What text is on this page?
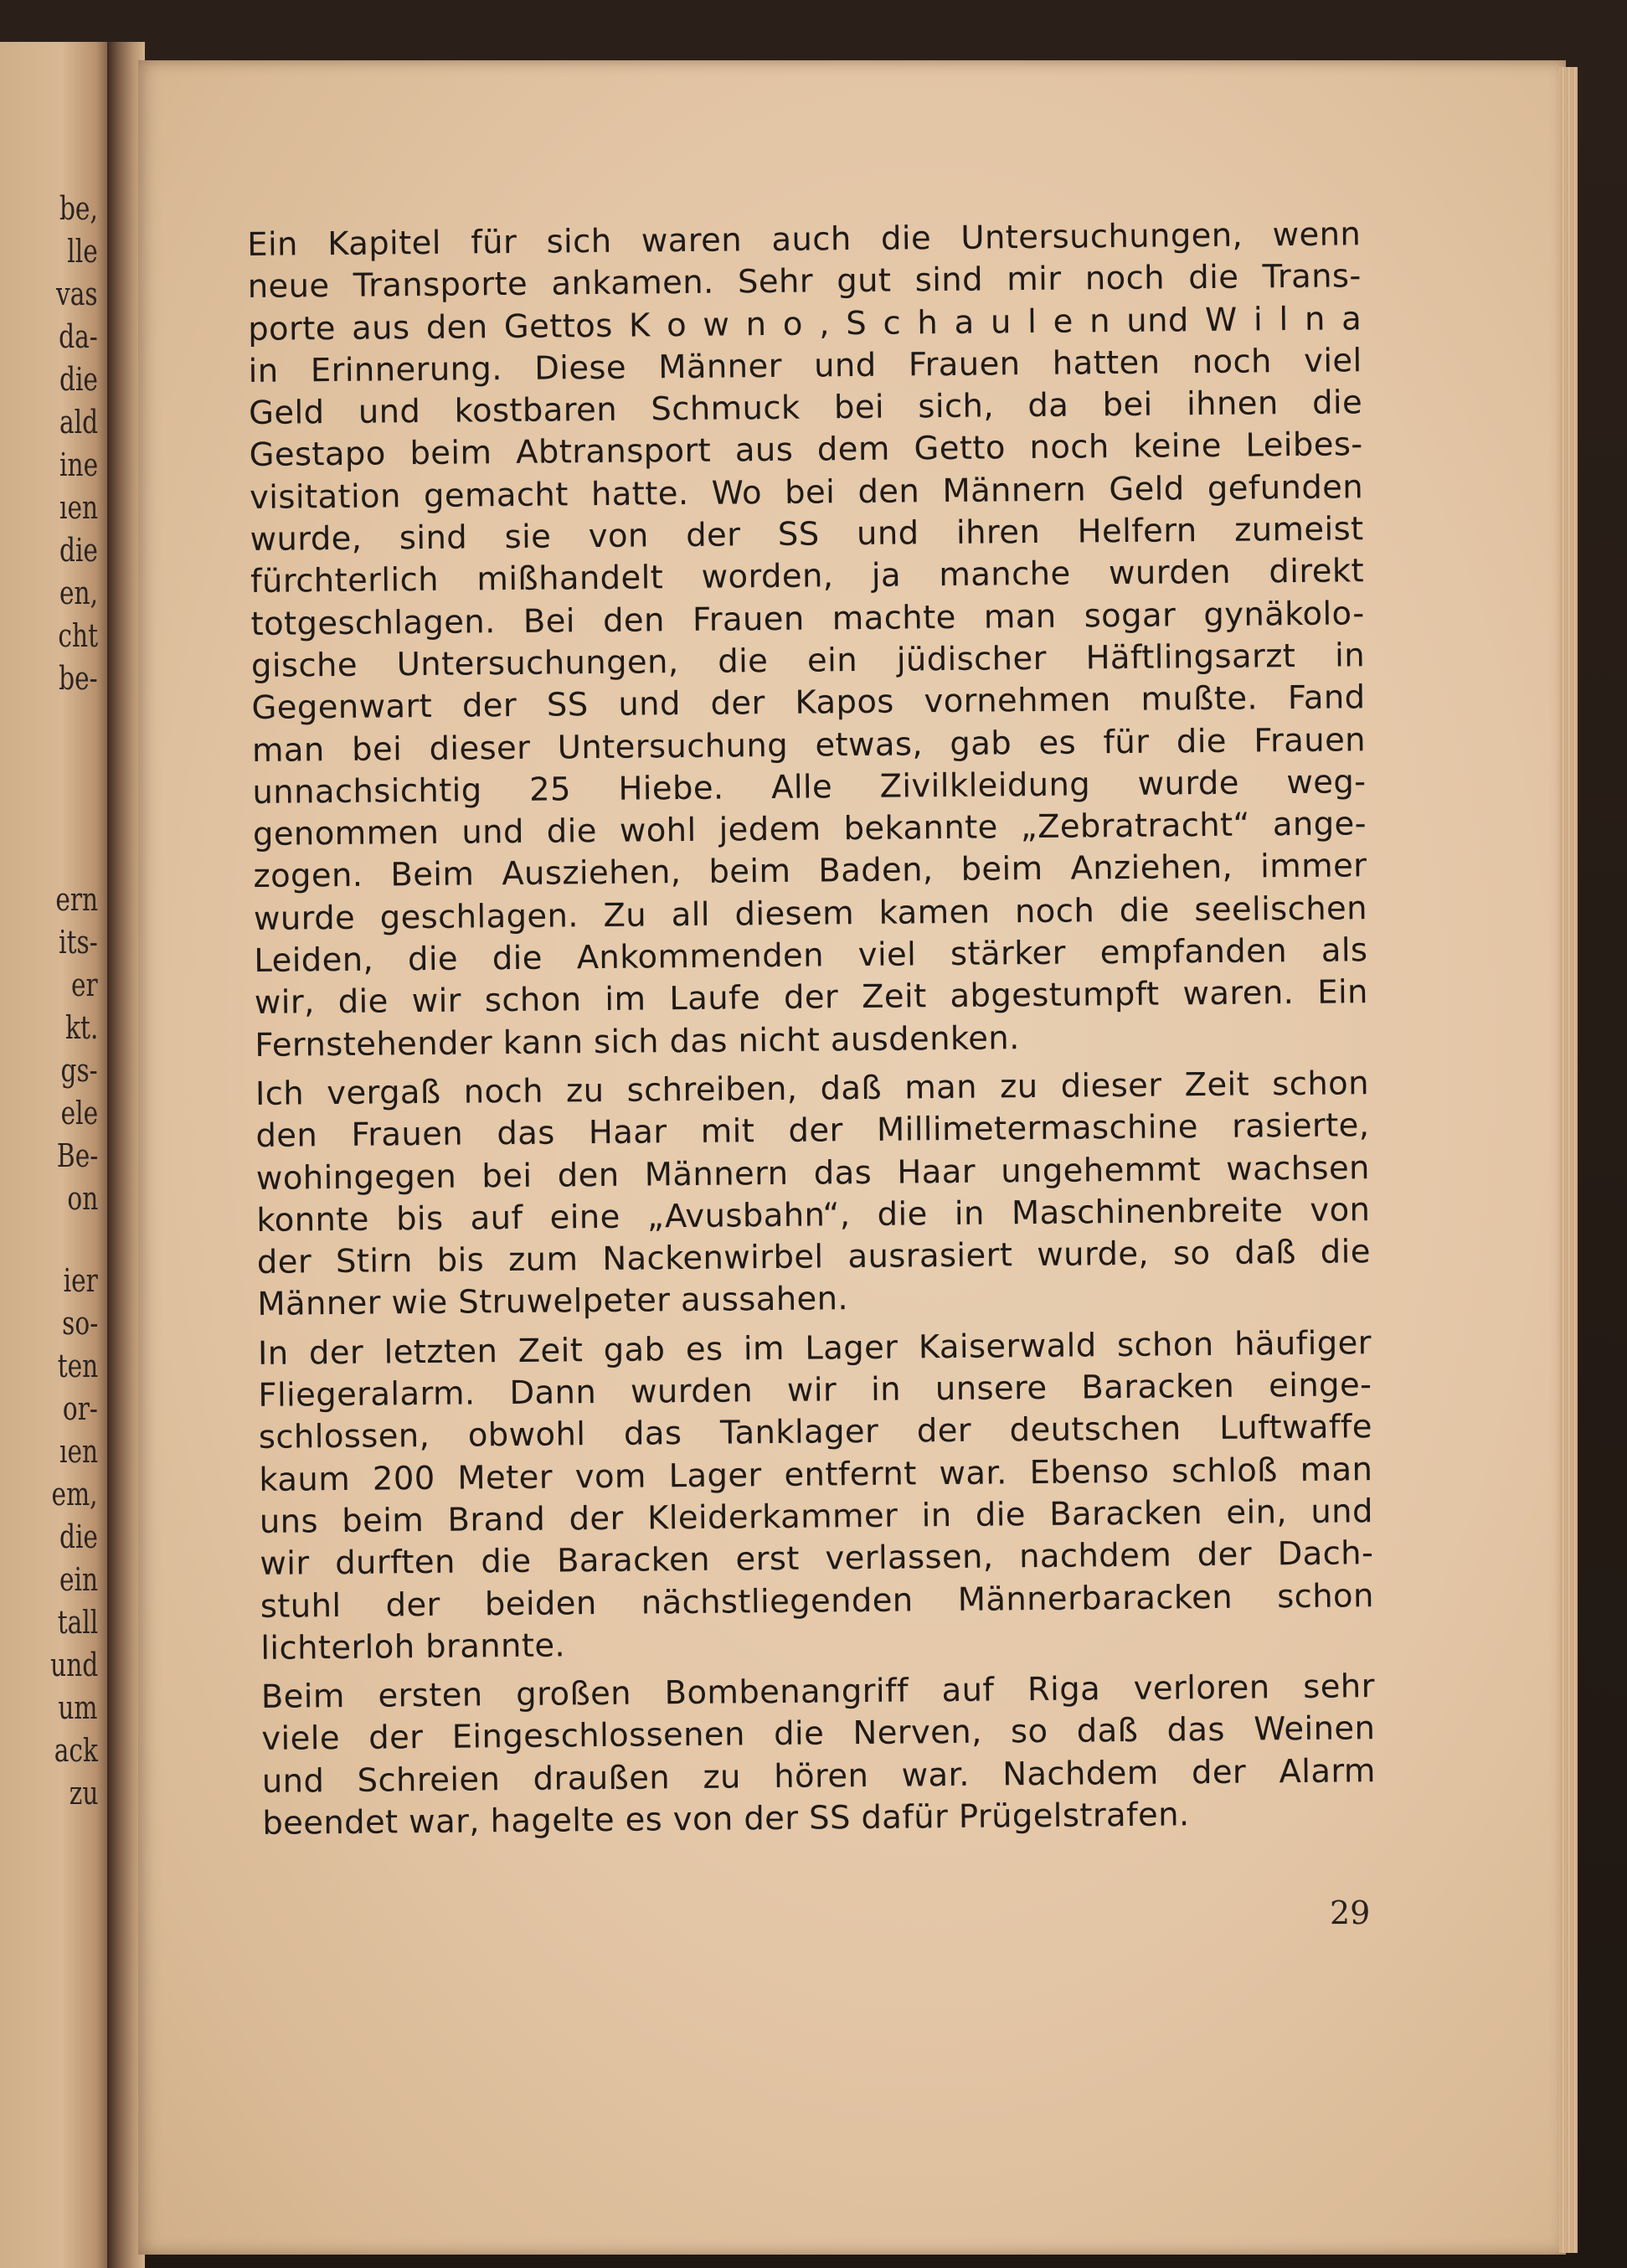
be,
lle
vas
da-
die
ald
ine
ıen
die
en,
cht
be-
ern
its-
er
kt.
gs-
ele
Be-
on
ier
so-
ten
or-
ıen
em,
die
ein
tall
und
um
ack
zu
Ein Kapitel für sich waren auch die Untersuchungen, wenn
neue Transporte ankamen. Sehr gut sind mir noch die Trans-
porte aus den Gettos K o w n o , S c h a u l e n und W i l n a
in Erinnerung. Diese Männer und Frauen hatten noch viel
Geld und kostbaren Schmuck bei sich, da bei ihnen die
Gestapo beim Abtransport aus dem Getto noch keine Leibes-
visitation gemacht hatte. Wo bei den Männern Geld gefunden
wurde, sind sie von der SS und ihren Helfern zumeist
fürchterlich mißhandelt worden, ja manche wurden direkt
totgeschlagen. Bei den Frauen machte man sogar gynäkolo-
gische Untersuchungen, die ein jüdischer Häftlingsarzt in
Gegenwart der SS und der Kapos vornehmen mußte. Fand
man bei dieser Untersuchung etwas, gab es für die Frauen
unnachsichtig 25 Hiebe. Alle Zivilkleidung wurde weg-
genommen und die wohl jedem bekannte „Zebratracht“ ange-
zogen. Beim Ausziehen, beim Baden, beim Anziehen, immer
wurde geschlagen. Zu all diesem kamen noch die seelischen
Leiden, die die Ankommenden viel stärker empfanden als
wir, die wir schon im Laufe der Zeit abgestumpft waren. Ein
Fernstehender kann sich das nicht ausdenken.
Ich vergaß noch zu schreiben, daß man zu dieser Zeit schon
den Frauen das Haar mit der Millimetermaschine rasierte,
wohingegen bei den Männern das Haar ungehemmt wachsen
konnte bis auf eine „Avusbahn“, die in Maschinenbreite von
der Stirn bis zum Nackenwirbel ausrasiert wurde, so daß die
Männer wie Struwelpeter aussahen.
In der letzten Zeit gab es im Lager Kaiserwald schon häufiger
Fliegeralarm. Dann wurden wir in unsere Baracken einge-
schlossen, obwohl das Tanklager der deutschen Luftwaffe
kaum 200 Meter vom Lager entfernt war. Ebenso schloß man
uns beim Brand der Kleiderkammer in die Baracken ein, und
wir durften die Baracken erst verlassen, nachdem der Dach-
stuhl der beiden nächstliegenden Männerbaracken schon
lichterloh brannte.
Beim ersten großen Bombenangriff auf Riga verloren sehr
viele der Eingeschlossenen die Nerven, so daß das Weinen
und Schreien draußen zu hören war. Nachdem der Alarm
beendet war, hagelte es von der SS dafür Prügelstrafen.
29
